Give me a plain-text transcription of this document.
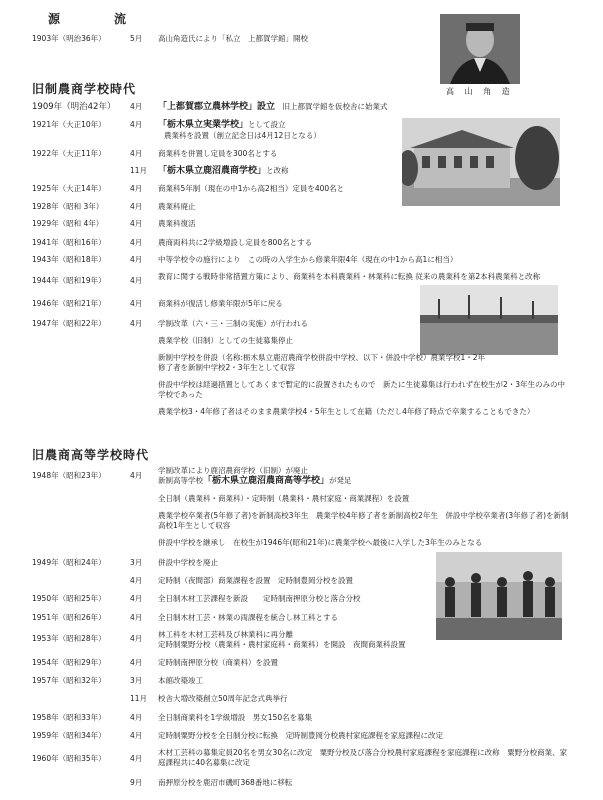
源　　流
旧制農商学校時代
旧農商高等学校時代
高 山 角 造
1903年（明治36年）	5月 高山角造氏により「私立　上都賀学館」開校
1909年（明治42年） 4月 「上都賀郡立農林学校」設立　 旧上都賀学館を仮校舎に始業式
1921年（大正10年）	4月 「栃木県立実業学校」として設立
農業科を設置（創立記念日は4月12日となる）
1922年（大正11年）	4月 商業科を併置し定員を300名とする
11月 「栃木県立鹿沼農商学校」と改称
1925年（大正14年）	4月 商業科5年制（現在の中1から高2相当）定員を400名と
1928年（昭和 3年）	4月 農業科廃止
1929年（昭和 4年）	4月 農業科復活
1941年（昭和16年）	4月 農商両科共に2学級増設し定員を800名とする
1943年（昭和18年）	4月 中等学校令の施行により　この時の入学生から修業年限4年（現在の中1から高1に相当）
1944年（昭和19年）	4月 教育に関する戦時非常措置方策により、商業科を本科農業科・林業科に転換 従来の農業科を第2本科農業科と改称
1946年（昭和21年）	4月 商業科が復活し修業年限が5年に戻る
1947年（昭和22年）	4月 学制改革（六・三・三制の実施）が行われる
農業学校（旧制）としての生徒募集停止
新制中学校を併設（名称:栃木県立鹿沼農商学校併設中学校、以下・併設中学校）農業学校1・2年修了者を新制中学校2・3年生として収容
併設中学校は経過措置としてあくまで暫定的に設置されたもので　新たに生徒募集は行われず在校生が2・3年生のみの中学校であった
農業学校3・4年修了者はそのまま農業学校4・5年生として在籍（ただし4年修了時点で卒業することもできた）
1948年（昭和23年）	4月
学制改革により鹿沼農商学校（旧制）が廃止
新制高等学校「栃木県立鹿沼農商高等学校」が発足
全日制（農業科・商業科）・定時制（農業科・農村家庭・商業課程）を設置
農業学校卒業者(5年修了者)を新制高校3年生　農業学校4年修了者を新制高校2年生　併設中学校卒業者(3年修了者)を新制高校1年生として収容
併設中学校を継承し　在校生が1946年(昭和21年)に農業学校へ最後に入学した3年生のみとなる
1949年（昭和24年）	3月 併設中学校を廃止
4月 定時制（夜間部）商業課程を設置　定時制豊岡分校を設置
1950年（昭和25年）	4月 全日制木材工芸課程を新設　　定時制南押原分校と落合分校
1951年（昭和26年）	4月 全日制木材工芸・林業の両課程を統合し林工科とする
1953年（昭和28年）	4月 林工科を木材工芸科及び林業科に再分離
定時制粟野分校（農業科・農村家庭科・商業科）を開設　夜間商業科設置
1954年（昭和29年）	4月 定時制南押原分校（商業科）を設置
1957年（昭和32年）	3月 本館改築竣工
11月 校舎大増改築創立50周年記念式典挙行
1958年（昭和33年）	4月 全日制商業科を1学級増設　男女150名を募集
1959年（昭和34年）	4月 定時制粟野分校を全日制分校に転換　定時制豊岡分校農村家庭課程を家庭課程に改定
1960年（昭和35年）	4月
木材工芸科の募集定員20名を男女30名に改定　粟野分校及び落合分校農村家庭課程を家庭課程に改称　粟野分校商業、家庭課程共に40名募集に改定
9月 南押原分校を鹿沼市磯町368番地に移転
